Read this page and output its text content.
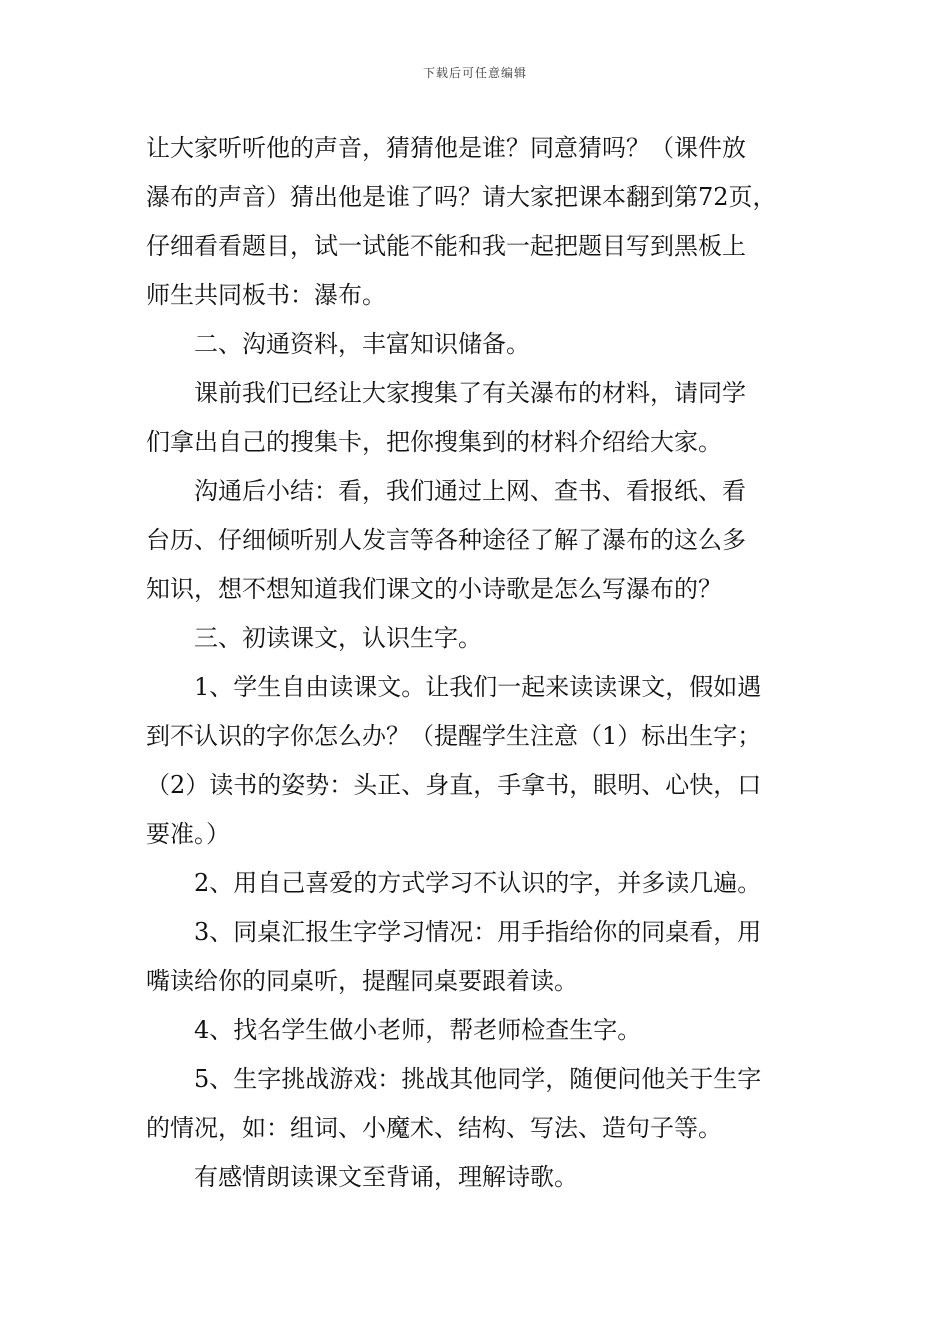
下载后可任意编辑
让大家听听他的声音，猜猜他是谁？同意猜吗？（课件放
瀑布的声音）猜出他是谁了吗？请大家把课本翻到第72页，
仔细看看题目，试一试能不能和我一起把题目写到黑板上
师生共同板书：瀑布。
二、沟通资料，丰富知识储备。
课前我们已经让大家搜集了有关瀑布的材料，请同学
们拿出自己的搜集卡，把你搜集到的材料介绍给大家。
沟通后小结：看，我们通过上网、查书、看报纸、看
台历、仔细倾听别人发言等各种途径了解了瀑布的这么多
知识，想不想知道我们课文的小诗歌是怎么写瀑布的？
三、初读课文，认识生字。
1、学生自由读课文。让我们一起来读读课文，假如遇
到不认识的字你怎么办？（提醒学生注意（1）标出生字；
（2）读书的姿势：头正、身直，手拿书，眼明、心快，口
要准。）
2、用自己喜爱的方式学习不认识的字，并多读几遍。
3、同桌汇报生字学习情况：用手指给你的同桌看，用
嘴读给你的同桌听，提醒同桌要跟着读。
4、找名学生做小老师，帮老师检查生字。
5、生字挑战游戏：挑战其他同学，随便问他关于生字
的情况，如：组词、小魔术、结构、写法、造句子等。
有感情朗读课文至背诵，理解诗歌。
